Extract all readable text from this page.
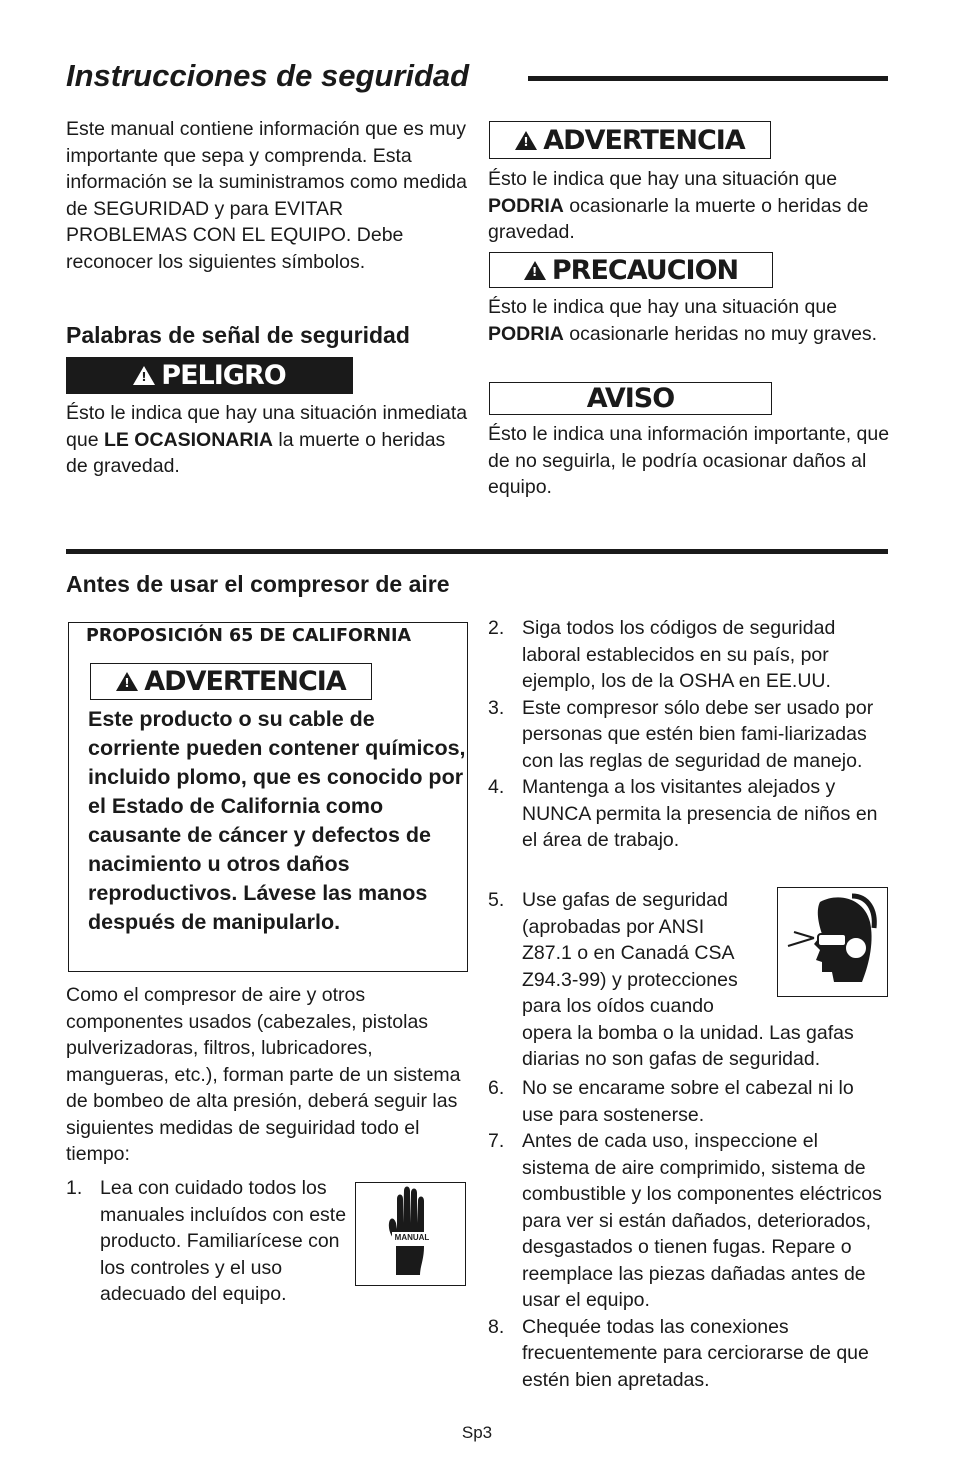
Instrucciones de seguridad

Este manual contiene información que es muy importante que sepa y comprenda. Esta información se la suministramos como medida de SEGURIDAD y para EVITAR PROBLEMAS CON EL EQUIPO. Debe reconocer los siguientes símbolos.

Palabras de señal de seguridad
!
PELIGRO

Ésto le indica que hay una situación inmediata que LE OCASIONARIA la muerte o heridas de gravedad.

!
ADVERTENCIA

Ésto le indica que hay una situación que PODRIA ocasionarle la muerte o heridas de gravedad.

!
PRECAUCION

Ésto le indica que hay una situación que PODRIA ocasionarle heridas no muy graves.

AVISO

Ésto le indica una información importante, que de no seguirla, le podría ocasionar daños al equipo.

Antes de usar el compresor de aire
PROPOSICIÓN 65 DE CALIFORNIA
!
ADVERTENCIA

Este producto o su cable de corriente pueden contener químicos, incluido plomo, que es conocido por el Estado de California como causante de cáncer y defectos de nacimiento u otros daños reproductivos. Lávese las manos después de manipularlo.

Como el compresor de aire y otros componentes usados (cabezales, pistolas pulverizadoras, filtros, lubricadores, mangueras, etc.), forman parte de un sistema de bombeo de alta presión, deberá seguir las siguientes medidas de seguiridad todo el tiempo:

1. Lea con cuidado todos los manuales incluídos con este producto. Familiarícese con los controles y el uso adecuado del equipo.
MANUAL
2. Siga todos los códigos de seguridad laboral establecidos en su país, por ejemplo, los de la OSHA en EE.UU.
3. Este compresor sólo debe ser usado por personas que estén bien fami-liarizadas con las reglas de seguridad de manejo.
4. Mantenga a los visitantes alejados y NUNCA permita la presencia de niños en el área de trabajo.
5. Use gafas de seguridad (aprobadas por ANSI Z87.1 o en Canadá CSA Z94.3-99) y protecciones para los oídos cuando

opera la bomba o la unidad. Las gafas diarias no son gafas de seguridad.

6. No se encarame sobre el cabezal ni lo use para sostenerse.
7. Antes de cada uso, inspeccione el sistema de aire comprimido, sistema de combustible y los componentes eléctricos para ver si están dañados, deteriorados, desgastados o tienen fugas. Repare o reemplace las piezas dañadas antes de usar el equipo.
8. Chequée todas las conexiones frecuentemente para cerciorarse de que estén bien apretadas.
Sp3
